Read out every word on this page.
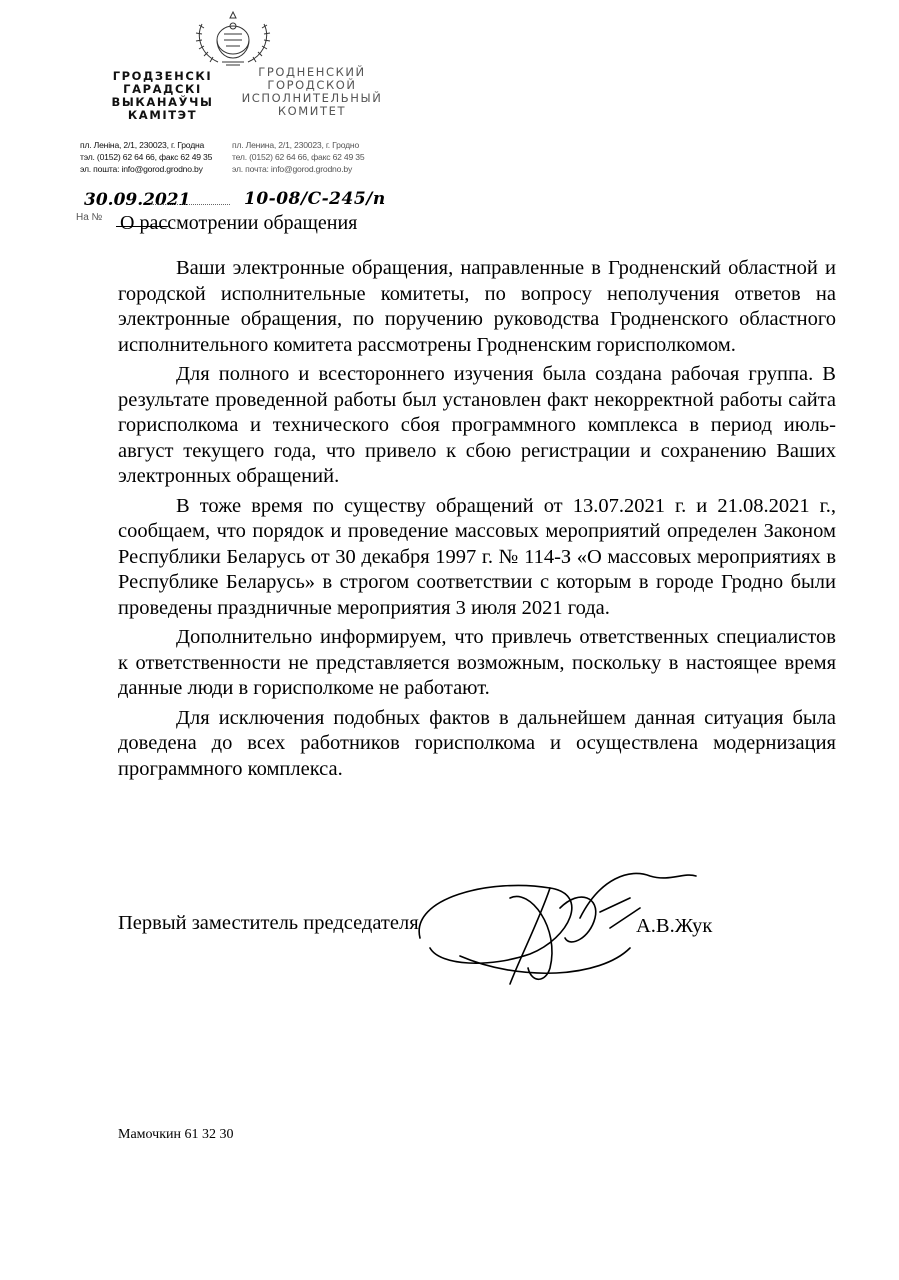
ГРОДЗЕНСКІ
ГАРАДСКІ
ВЫКАНАЎЧЫ
КАМІТЭТ
ГРОДНЕНСКИЙ
ГОРОДСКОЙ
ИСПОЛНИТЕЛЬНЫЙ
КОМИТЕТ
пл. Ленiна, 2/1, 230023, г. Гродна
тэл. (0152) 62 64 66, факс 62 49 35
эл. пошта: info@gorod.grodno.by
пл. Ленина, 2/1, 230023, г. Гродно
тел. (0152) 62 64 66, факс 62 49 35
эл. почта: info@gorod.grodno.by
30.09.2021	10-08/С-245/п
На № О рассмотрении обращения

Ваши электронные обращения, направленные в Гродненский областной и городской исполнительные комитеты, по вопросу неполучения ответов на электронные обращения, по поручению руководства Гродненского областного исполнительного комитета рассмотрены Гродненским горисполкомом.

Для полного и всестороннего изучения была создана рабочая группа. В результате проведенной работы был установлен факт некорректной работы сайта горисполкома и технического сбоя программного комплекса в период июль-август текущего года, что привело к сбою регистрации и сохранению Ваших электронных обращений.

В тоже время по существу обращений от 13.07.2021 г. и 21.08.2021 г., сообщаем, что порядок и проведение массовых мероприятий определен Законом Республики Беларусь от 30 декабря 1997 г. № 114-З «О массовых мероприятиях в Республике Беларусь» в строгом соответствии с которым в городе Гродно были проведены праздничные мероприятия 3 июля 2021 года.

Дополнительно информируем, что привлечь ответственных специалистов к ответственности не представляется возможным, поскольку в настоящее время данные люди в горисполкоме не работают.

Для исключения подобных фактов в дальнейшем данная ситуация была доведена до всех работников горисполкома и осуществлена модернизация программного комплекса.

Первый заместитель председателя	А.В.Жук
Мамочкин 61 32 30
